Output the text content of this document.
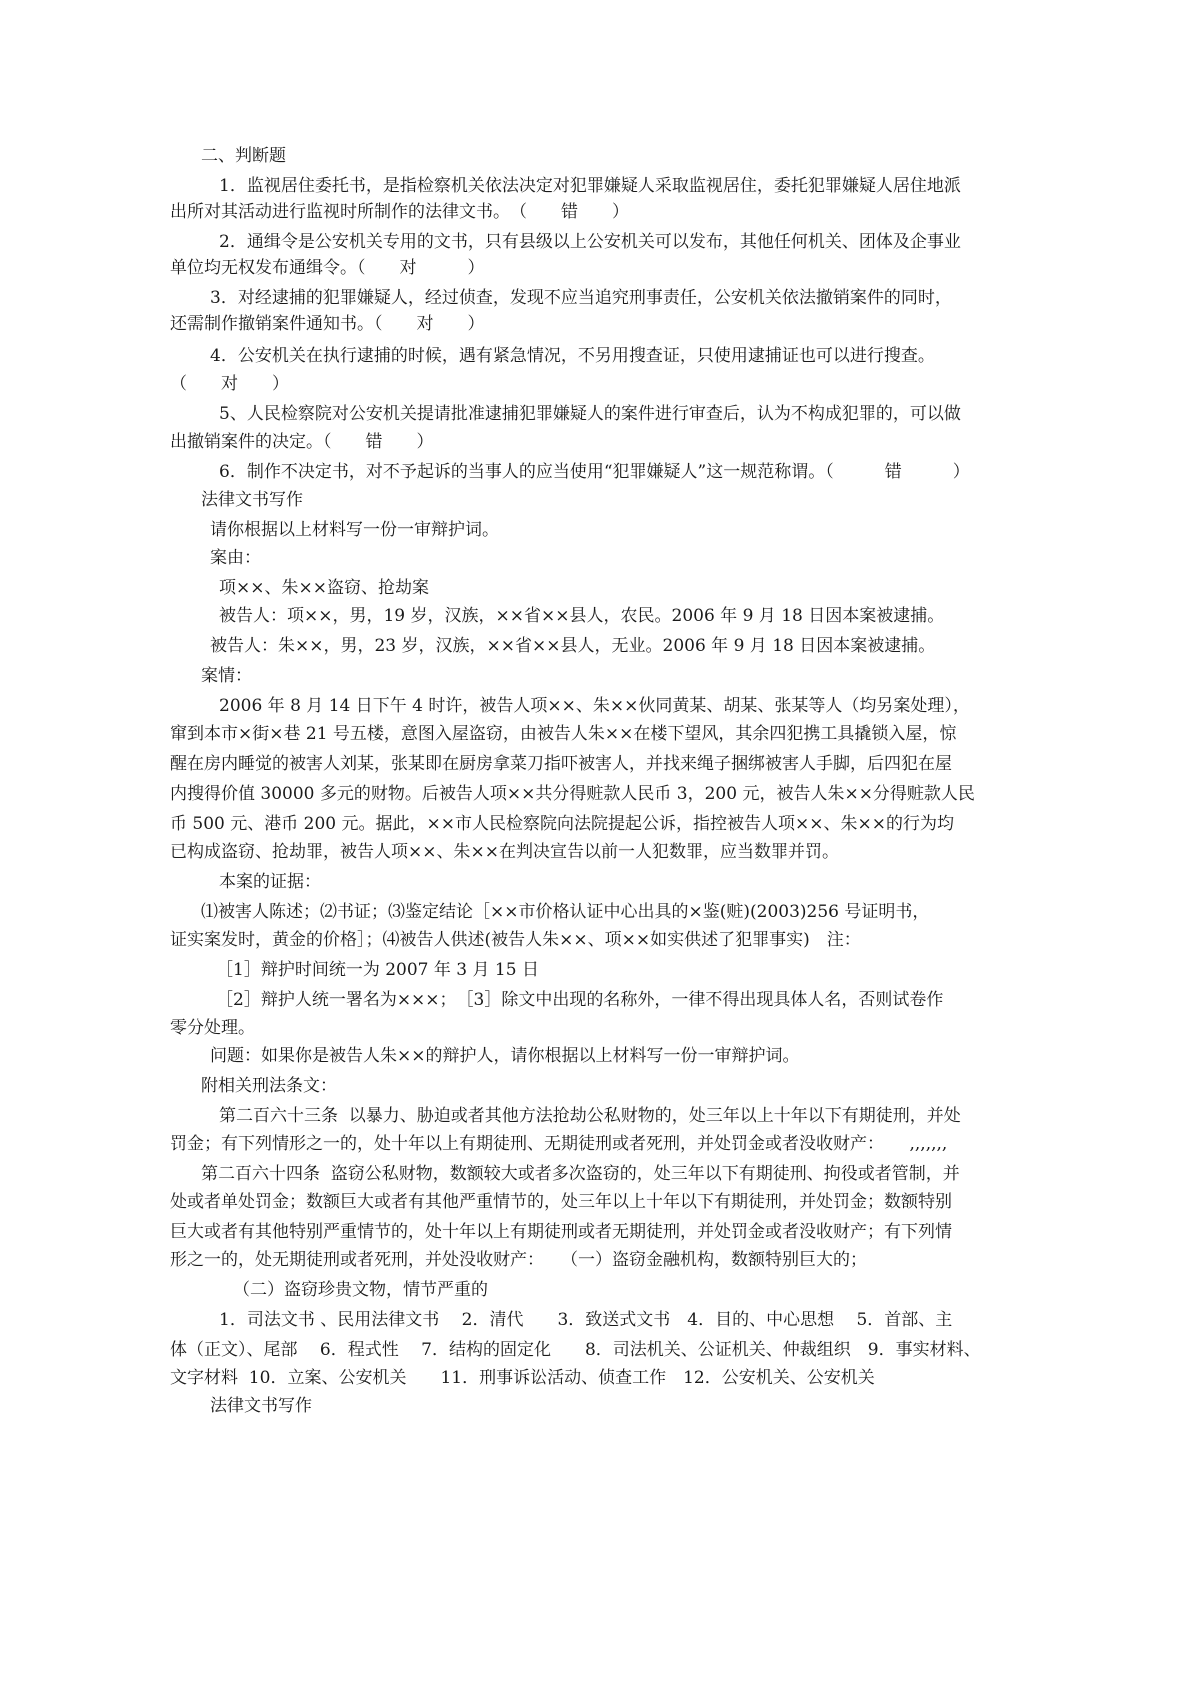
二、判断题
1．监视居住委托书，是指检察机关依法决定对犯罪嫌疑人采取监视居住，委托犯罪嫌疑人居住地派
出所对其活动进行监视时所制作的法律文书。　（　　错　　）
2．通缉令是公安机关专用的文书，只有县级以上公安机关可以发布，其他任何机关、团体及企事业
单位均无权发布通缉令。（　　对　　　）
3．对经逮捕的犯罪嫌疑人，经过侦查，发现不应当追究刑事责任，公安机关依法撤销案件的同时，
还需制作撤销案件通知书。（　　对　　）
4．公安机关在执行逮捕的时候，遇有紧急情况，不另用搜查证，只使用逮捕证也可以进行搜查。
（　　对　　）
5、人民检察院对公安机关提请批准逮捕犯罪嫌疑人的案件进行审查后，认为不构成犯罪的，可以做
出撤销案件的决定。（　　错　　）
6．制作不决定书，对不予起诉的当事人的应当使用“犯罪嫌疑人”这一规范称谓。（　　　错　　　）
法律文书写作
请你根据以上材料写一份一审辩护词。
案由：
项××、朱××盗窃、抢劫案
被告人：项××，男，19 岁，汉族，××省××县人，农民。2006 年 9 月 18 日因本案被逮捕。
被告人：朱××，男，23 岁，汉族，××省××县人，无业。2006 年 9 月 18 日因本案被逮捕。
案情：
2006 年 8 月 14 日下午 4 时许，被告人项××、朱××伙同黄某、胡某、张某等人（均另案处理），
窜到本市×街×巷 21 号五楼，意图入屋盗窃，由被告人朱××在楼下望风，其余四犯携工具撬锁入屋，惊
醒在房内睡觉的被害人刘某，张某即在厨房拿菜刀指吓被害人，并找来绳子捆绑被害人手脚，后四犯在屋
内搜得价值 30000 多元的财物。后被告人项××共分得赃款人民币 3，200 元，被告人朱××分得赃款人民
币 500 元、港币 200 元。据此，××市人民检察院向法院提起公诉，指控被告人项××、朱××的行为均
已构成盗窃、抢劫罪，被告人项××、朱××在判决宣告以前一人犯数罪，应当数罪并罚。
本案的证据：
⑴被害人陈述；⑵书证；⑶鉴定结论［××市价格认证中心出具的×鉴(赃)(2003)256 号证明书，
证实案发时，黄金的价格］；⑷被告人供述(被告人朱××、项××如实供述了犯罪事实)　注：
［1］辩护时间统一为 2007 年 3 月 15 日
［2］辩护人统一署名为×××；　［3］除文中出现的名称外，一律不得出现具体人名，否则试卷作
零分处理。
问题：如果你是被告人朱××的辩护人，请你根据以上材料写一份一审辩护词。
附相关刑法条文：
第二百六十三条  以暴力、胁迫或者其他方法抢劫公私财物的，处三年以上十年以下有期徒刑，并处
罚金；有下列情形之一的，处十年以上有期徒刑、无期徒刑或者死刑，并处罚金或者没收财产：　　,,,,,,,
第二百六十四条  盗窃公私财物，数额较大或者多次盗窃的，处三年以下有期徒刑、拘役或者管制，并
处或者单处罚金；数额巨大或者有其他严重情节的，处三年以上十年以下有期徒刑，并处罚金；数额特别
巨大或者有其他特别严重情节的，处十年以上有期徒刑或者无期徒刑，并处罚金或者没收财产；有下列情
形之一的，处无期徒刑或者死刑，并处没收财产：　　（一）盗窃金融机构，数额特别巨大的；
（二）盗窃珍贵文物，情节严重的
1．司法文书 、民用法律文书　 2．清代　　3．致送式文书　4．目的、中心思想　 5．首部、主
体（正文）、尾部　 6．程式性　 7．结构的固定化　　8．司法机关、公证机关、仲裁组织　9．事实材料、
文字材料  10．立案、公安机关　　11．刑事诉讼活动、侦查工作　12．公安机关、公安机关
法律文书写作
